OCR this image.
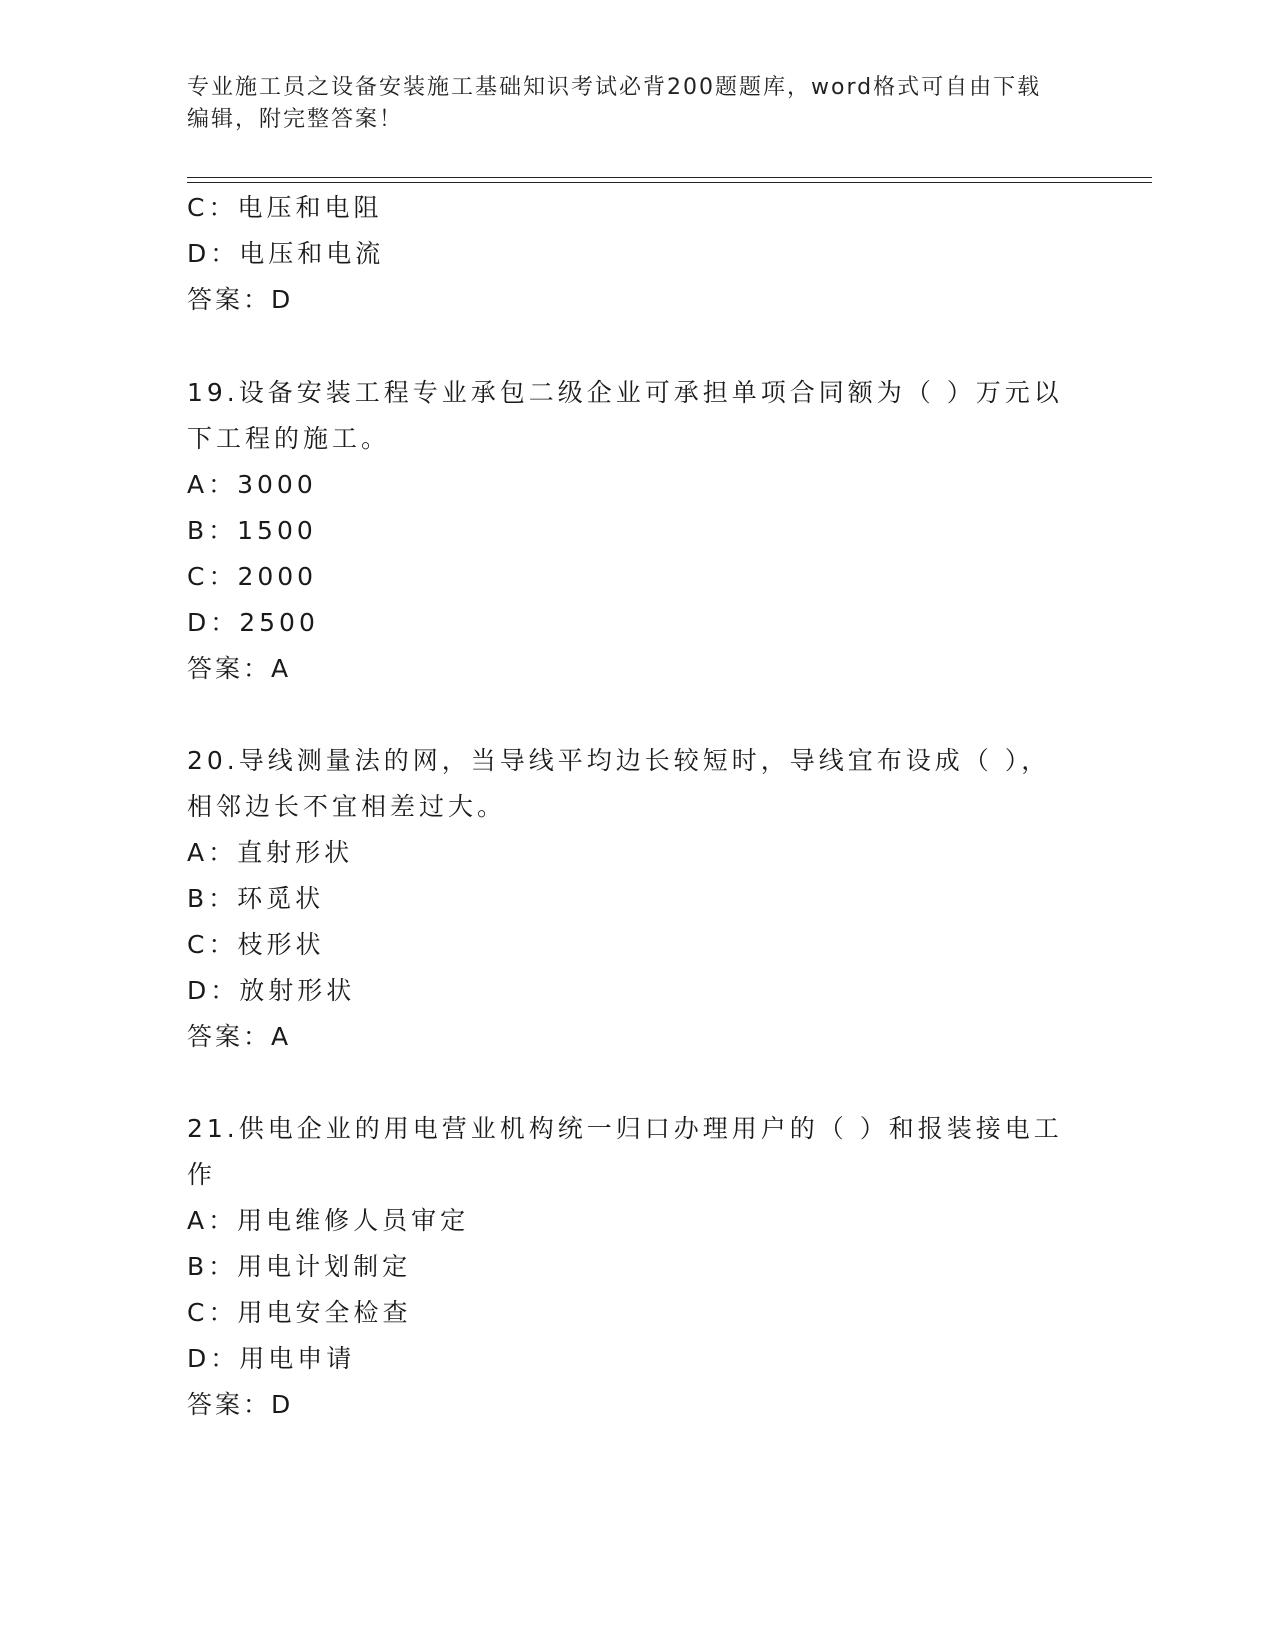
专业施工员之设备安装施工基础知识考试必背200题题库，word格式可自由下载
编辑，附完整答案！
C：电压和电阻
D：电压和电流
答案：D
19.设备安装工程专业承包二级企业可承担单项合同额为（ ）万元以
下工程的施工。
A：3000
B：1500
C：2000
D：2500
答案：A
20.导线测量法的网，当导线平均边长较短时，导线宜布设成（ ），
相邻边长不宜相差过大。
A：直射形状
B：环觅状
C：枝形状
D：放射形状
答案：A
21.供电企业的用电营业机构统一归口办理用户的（ ）和报装接电工
作
A：用电维修人员审定
B：用电计划制定
C：用电安全检查
D：用电申请
答案：D
